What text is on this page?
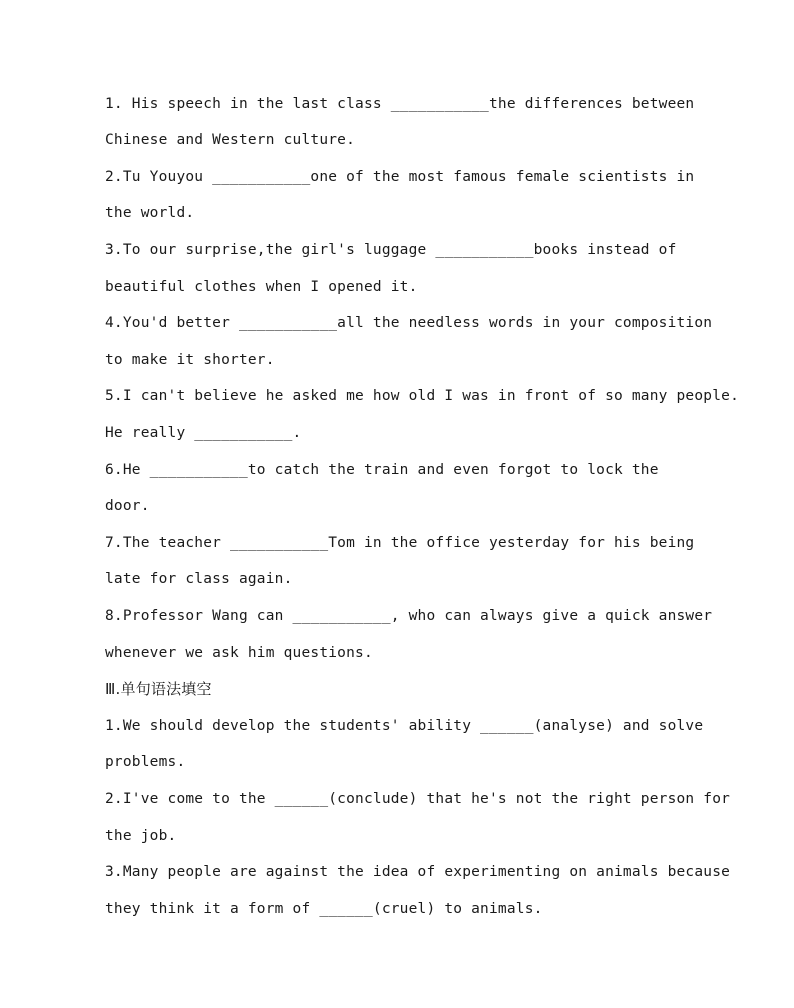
1. His speech in the last class ___________the differences between
Chinese and Western culture.
2.Tu Youyou ___________one of the most famous female scientists in
the world.
3.To our surprise,the girl's luggage ___________books instead of
beautiful clothes when I opened it.
4.You'd better ___________all the needless words in your composition
to make it shorter.
5.I can't believe he asked me how old I was in front of so many people.
He really ___________.
6.He ___________to catch the train and even forgot to lock the
door.
7.The teacher ___________Tom in the office yesterday for his being
late for class again.
8.Professor Wang can ___________, who can always give a quick answer
whenever we ask him questions.
Ⅲ.单句语法填空
1.We should develop the students' ability ______(analyse) and solve
problems.
2.I've come to the ______(conclude) that he's not the right person for
the job.
3.Many people are against the idea of experimenting on animals because
they think it a form of ______(cruel) to animals.
